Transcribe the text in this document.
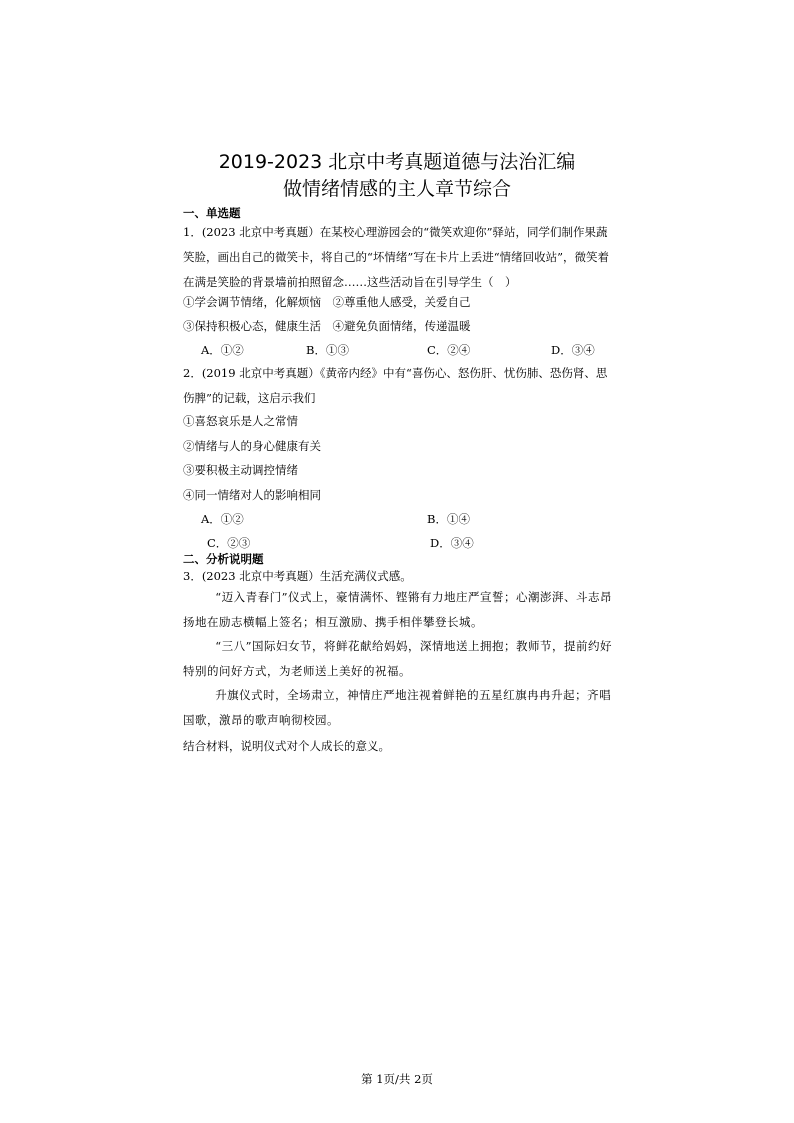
2019-2023 北京中考真题道德与法治汇编
做情绪情感的主人章节综合
一、单选题
1．(2023 北京中考真题）在某校心理游园会的“微笑欢迎你”驿站，同学们制作果蔬笑脸，画出自己的微笑卡，将自己的“坏情绪”写在卡片上丢进“情绪回收站”，微笑着在满是笑脸的背景墙前拍照留念……这些活动旨在引导学生（　）
①学会调节情绪，化解烦恼　②尊重他人感受，关爱自己
③保持积极心态，健康生活　④避免负面情绪，传递温暖
A．①②	B．①③	C．②④	D．③④
2．(2019 北京中考真题）《黄帝内经》中有“喜伤心、怒伤肝、忧伤肺、恐伤肾、思伤脾”的记载，这启示我们
①喜怒哀乐是人之常情
②情绪与人的身心健康有关
③要积极主动调控情绪
④同一情绪对人的影响相同
A．①②	B．①④
C．②③	D．③④
二、分析说明题
3．(2023 北京中考真题）生活充满仪式感。
“迈入青春门”仪式上，豪情满怀、铿锵有力地庄严宣誓；心潮澎湃、斗志昂扬地在励志横幅上签名；相互激励、携手相伴攀登长城。
“三八”国际妇女节，将鲜花献给妈妈，深情地送上拥抱；教师节，提前约好特别的问好方式，为老师送上美好的祝福。
升旗仪式时，全场肃立，神情庄严地注视着鲜艳的五星红旗冉冉升起；齐唱国歌，激昂的歌声响彻校园。
结合材料，说明仪式对个人成长的意义。
第 1页/共 2页
